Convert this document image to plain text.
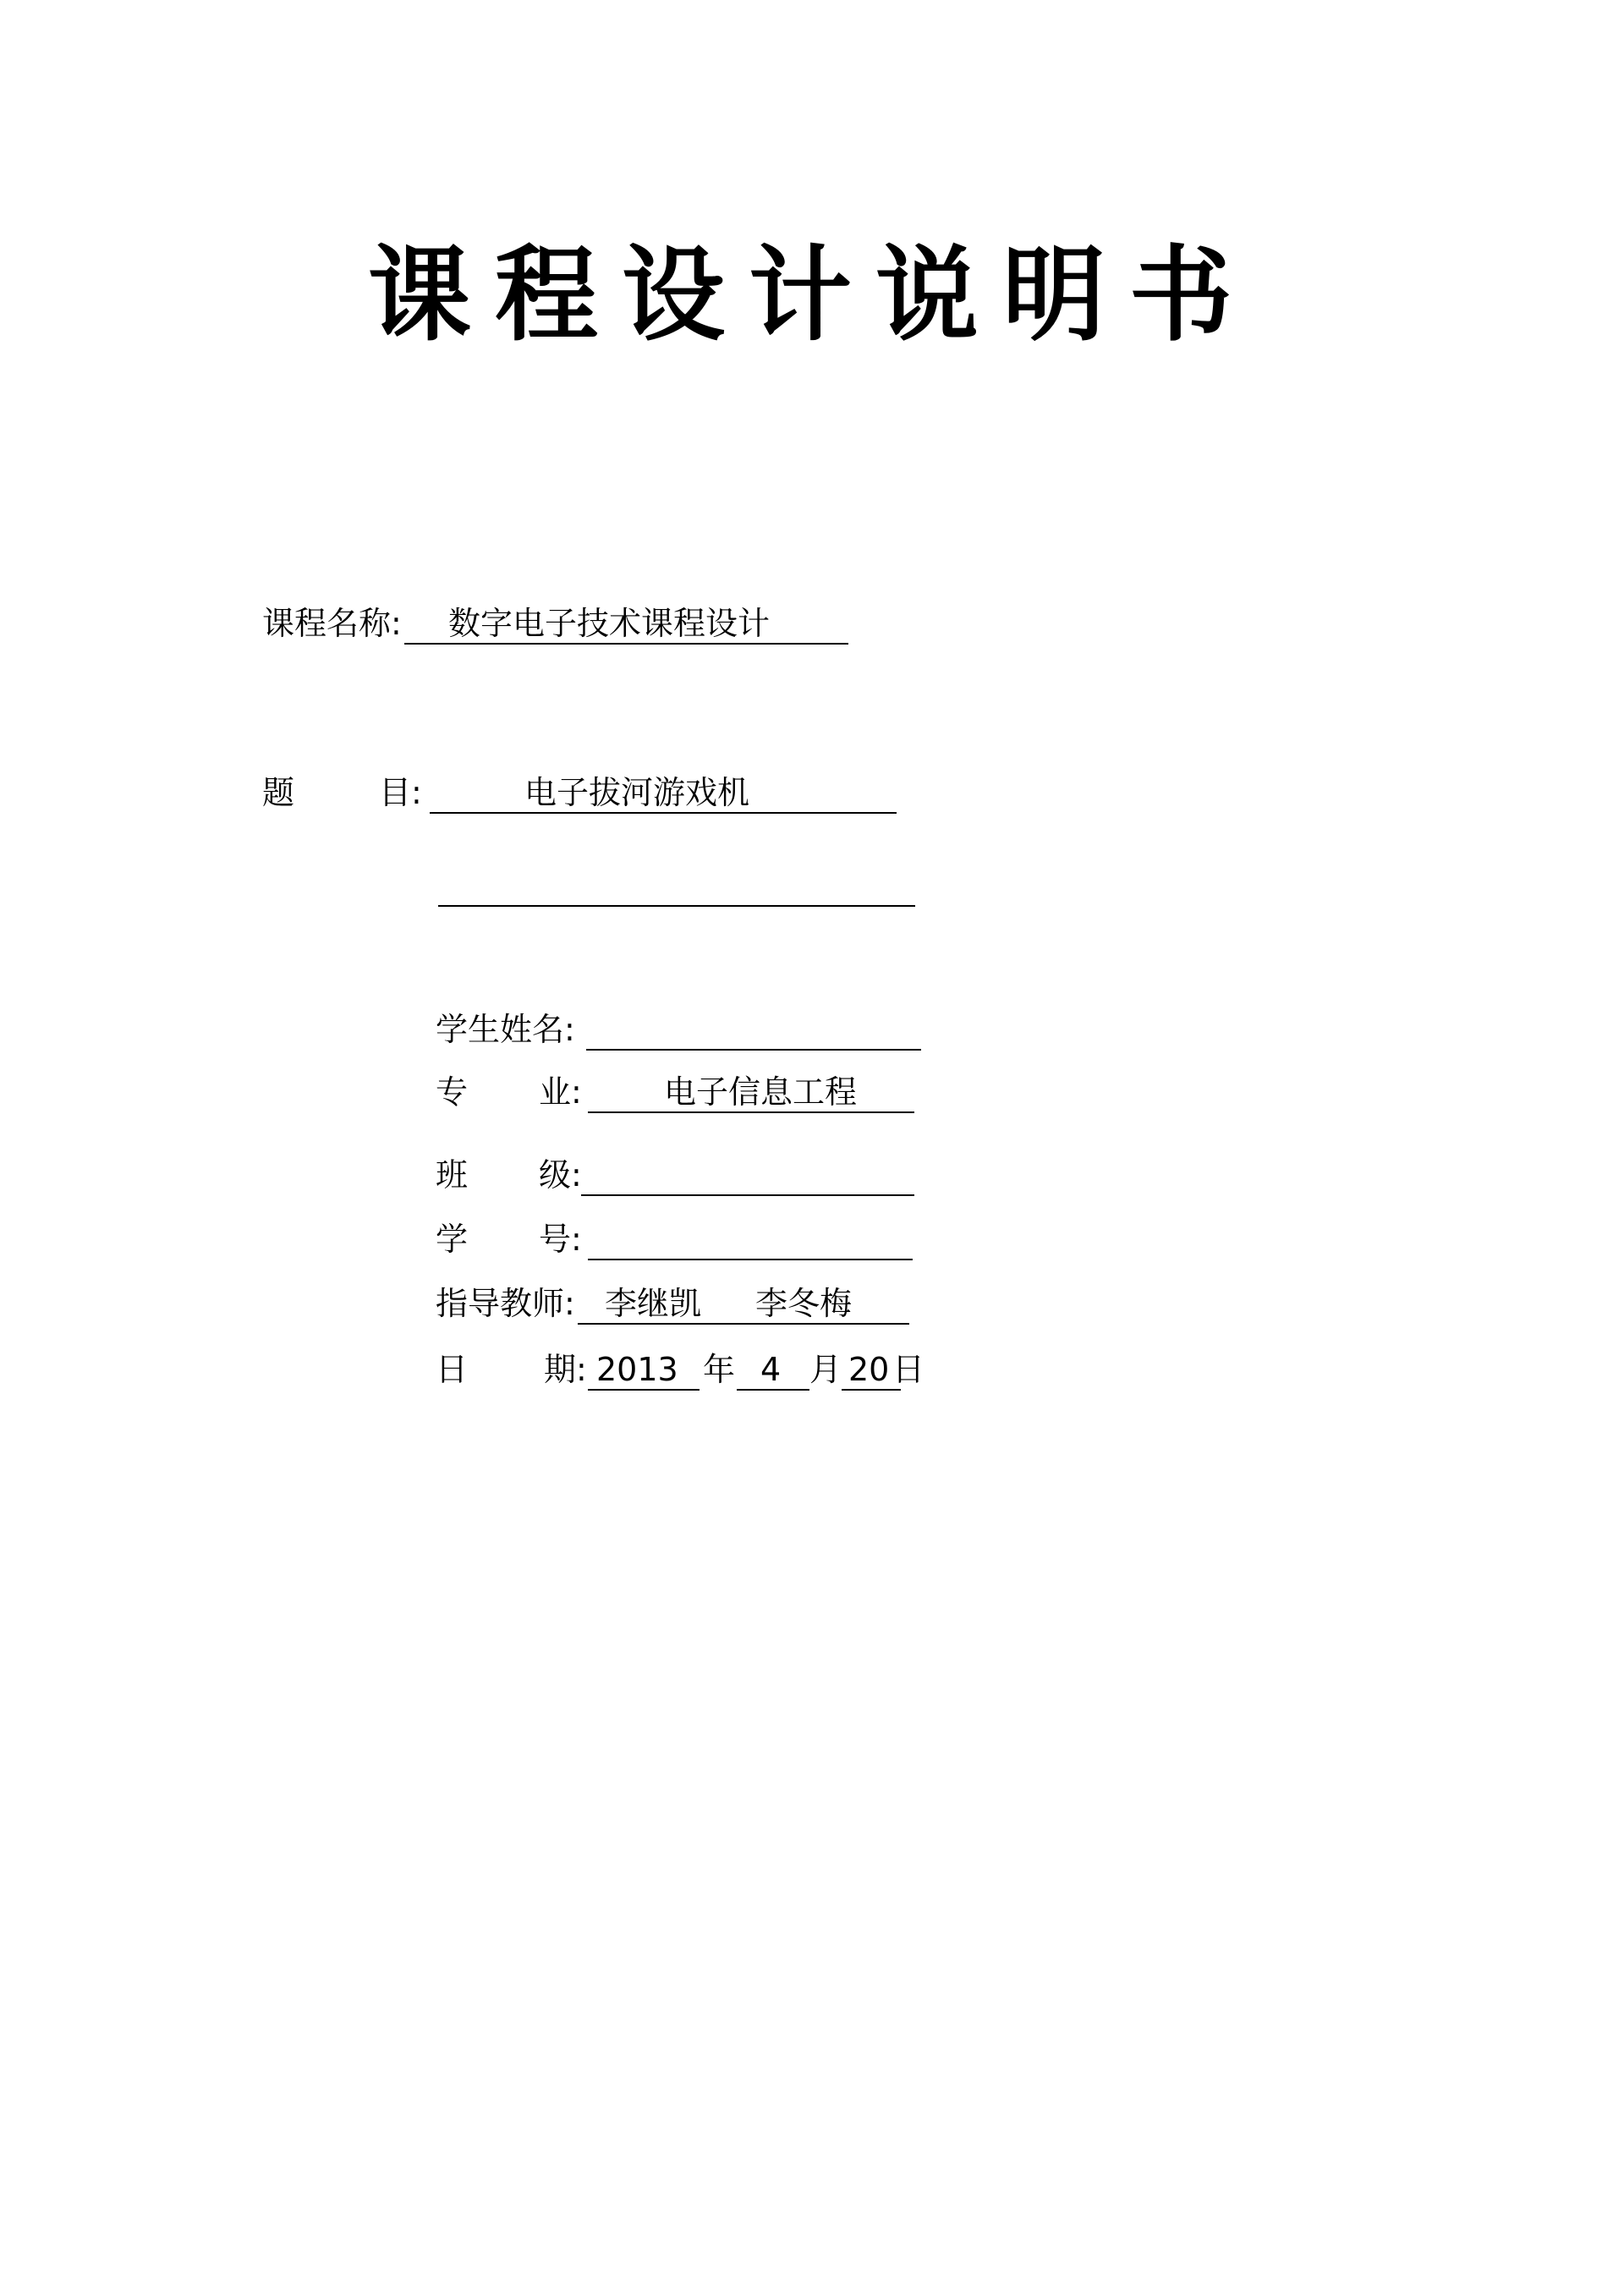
课程设计说明书
课程名称: 数字电子技术课程设计
题	目:	电子拔河游戏机
学生姓名:
专 业:	电子信息工程
班 级:
学 号:
指导教师: 李继凯 李冬梅
日 期: 2013 年 4 月 20 日
